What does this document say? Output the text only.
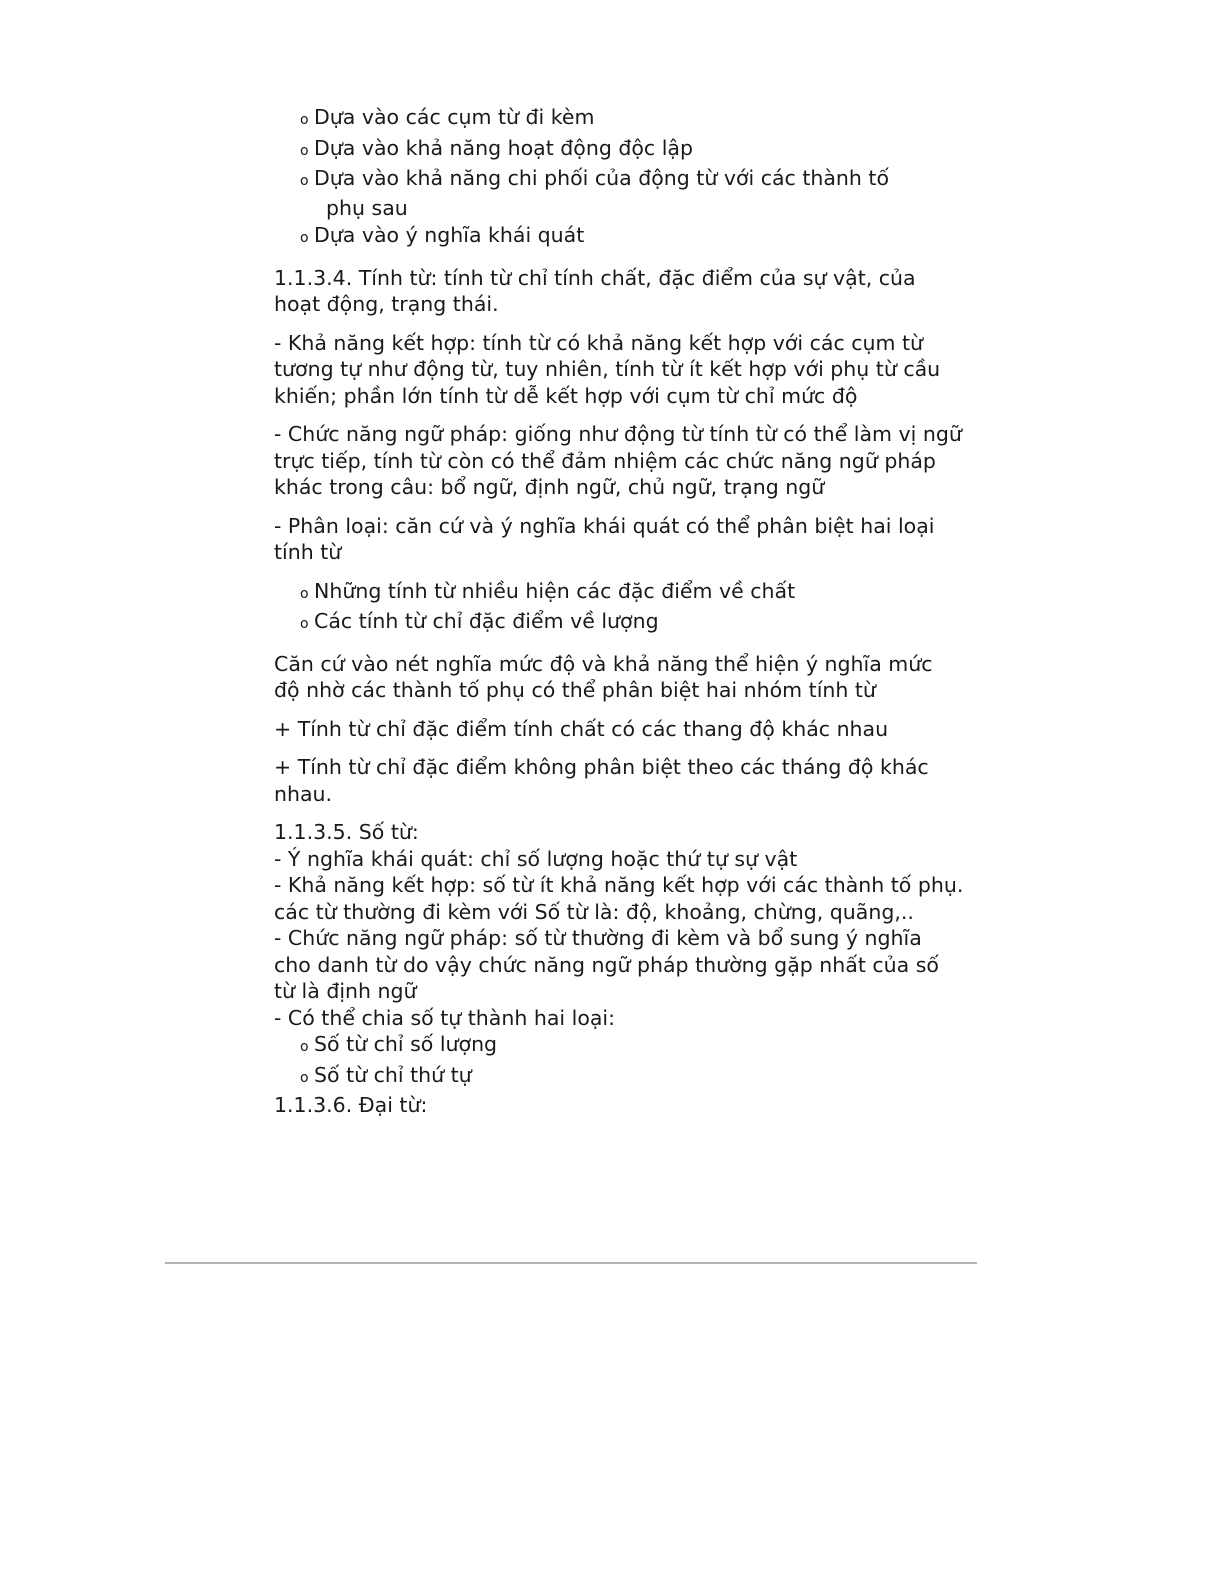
o Dựa vào các cụm từ đi kèm
o Dựa vào khả năng hoạt động độc lập
o Dựa vào khả năng chi phối của động từ với các thành tố
phụ sau
o Dựa vào ý nghĩa khái quát

1.1.3.4. Tính từ: tính từ chỉ tính chất, đặc điểm của sự vật, của hoạt động, trạng thái.

- Khả năng kết hợp: tính từ có khả năng kết hợp với các cụm từ tương tự như động từ, tuy nhiên, tính từ ít kết hợp với phụ từ cầu khiến; phần lớn tính từ dễ kết hợp với cụm từ chỉ mức độ

- Chức năng ngữ pháp: giống như động từ tính từ có thể làm vị ngữ trực tiếp, tính từ còn có thể đảm nhiệm các chức năng ngữ pháp khác trong câu: bổ ngữ, định ngữ, chủ ngữ, trạng ngữ

- Phân loại: căn cứ và ý nghĩa khái quát có thể phân biệt hai loại tính từ

o Những tính từ nhiều hiện các đặc điểm về chất
o Các tính từ chỉ đặc điểm về lượng

Căn cứ vào nét nghĩa mức độ và khả năng thể hiện ý nghĩa mức độ nhờ các thành tố phụ có thể phân biệt hai nhóm tính từ

+ Tính từ chỉ đặc điểm tính chất có các thang độ khác nhau

+ Tính từ chỉ đặc điểm không phân biệt theo các tháng độ khác nhau.

1.1.3.5. Số từ:

- Ý nghĩa khái quát: chỉ số lượng hoặc thứ tự sự vật

- Khả năng kết hợp: số từ ít khả năng kết hợp với các thành tố phụ. các từ thường đi kèm với Số từ là: độ, khoảng, chừng, quãng,..

- Chức năng ngữ pháp: số từ thường đi kèm và bổ sung ý nghĩa cho danh từ do vậy chức năng ngữ pháp thường gặp nhất của số từ là định ngữ

- Có thể chia số tự thành hai loại:

o Số từ chỉ số lượng
o Số từ chỉ thứ tự

1.1.3.6. Đại từ:
